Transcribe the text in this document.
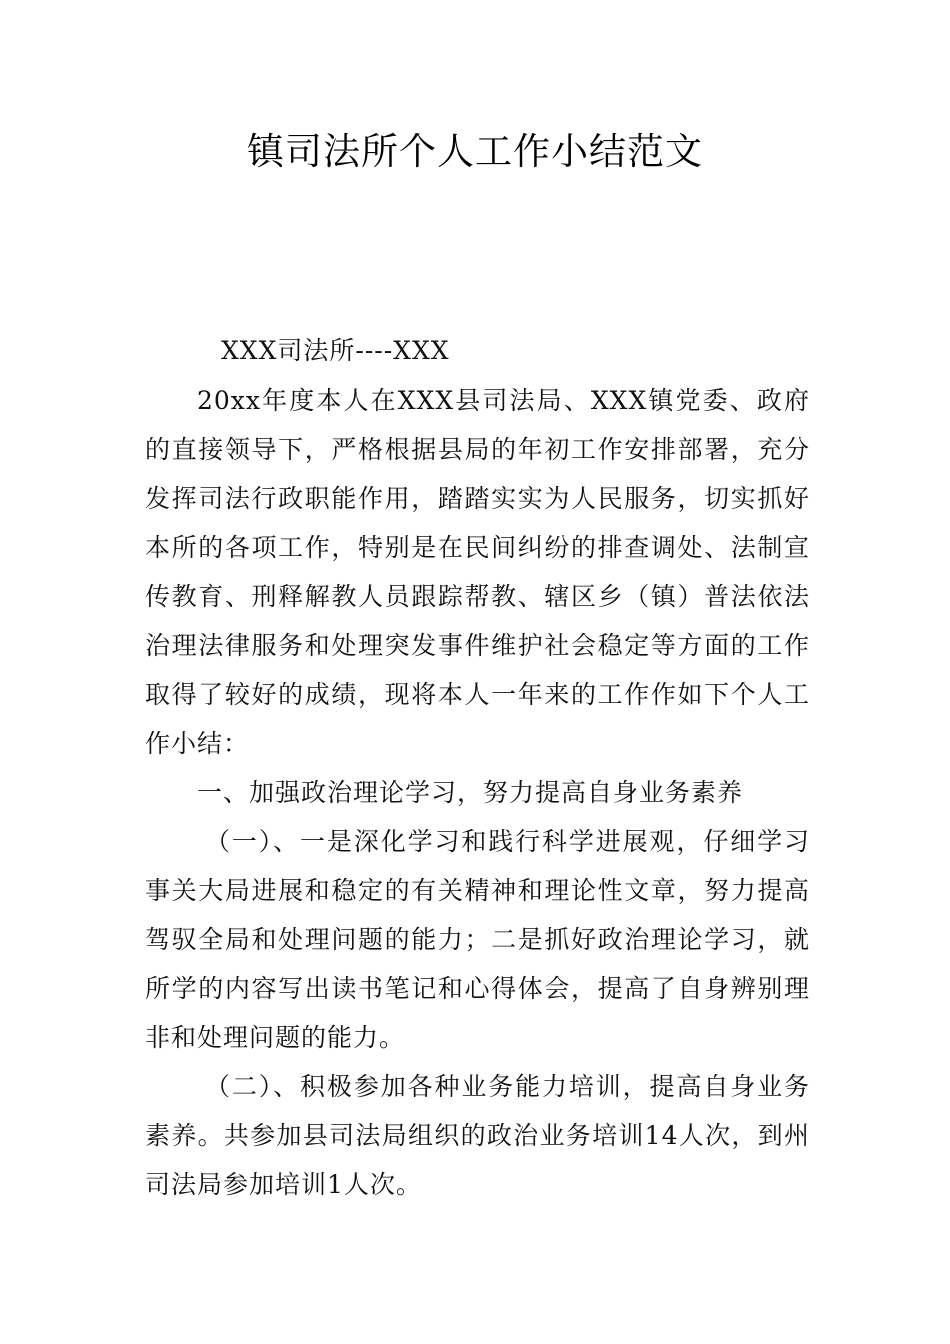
镇司法所个人工作小结范文

XXX司法所----XXX

20xx年度本人在XXX县司法局、XXX镇党委、政府的直接领导下，严格根据县局的年初工作安排部署，充分发挥司法行政职能作用，踏踏实实为人民服务，切实抓好本所的各项工作，特别是在民间纠纷的排查调处、法制宣传教育、刑释解教人员跟踪帮教、辖区乡（镇）普法依法治理法律服务和处理突发事件维护社会稳定等方面的工作取得了较好的成绩，现将本人一年来的工作作如下个人工作小结：

一、加强政治理论学习，努力提高自身业务素养

（一）、一是深化学习和践行科学进展观，仔细学习事关大局进展和稳定的有关精神和理论性文章，努力提高驾驭全局和处理问题的能力；二是抓好政治理论学习，就所学的内容写出读书笔记和心得体会，提高了自身辨别理非和处理问题的能力。

（二）、积极参加各种业务能力培训，提高自身业务素养。共参加县司法局组织的政治业务培训14人次，到州司法局参加培训1人次。
